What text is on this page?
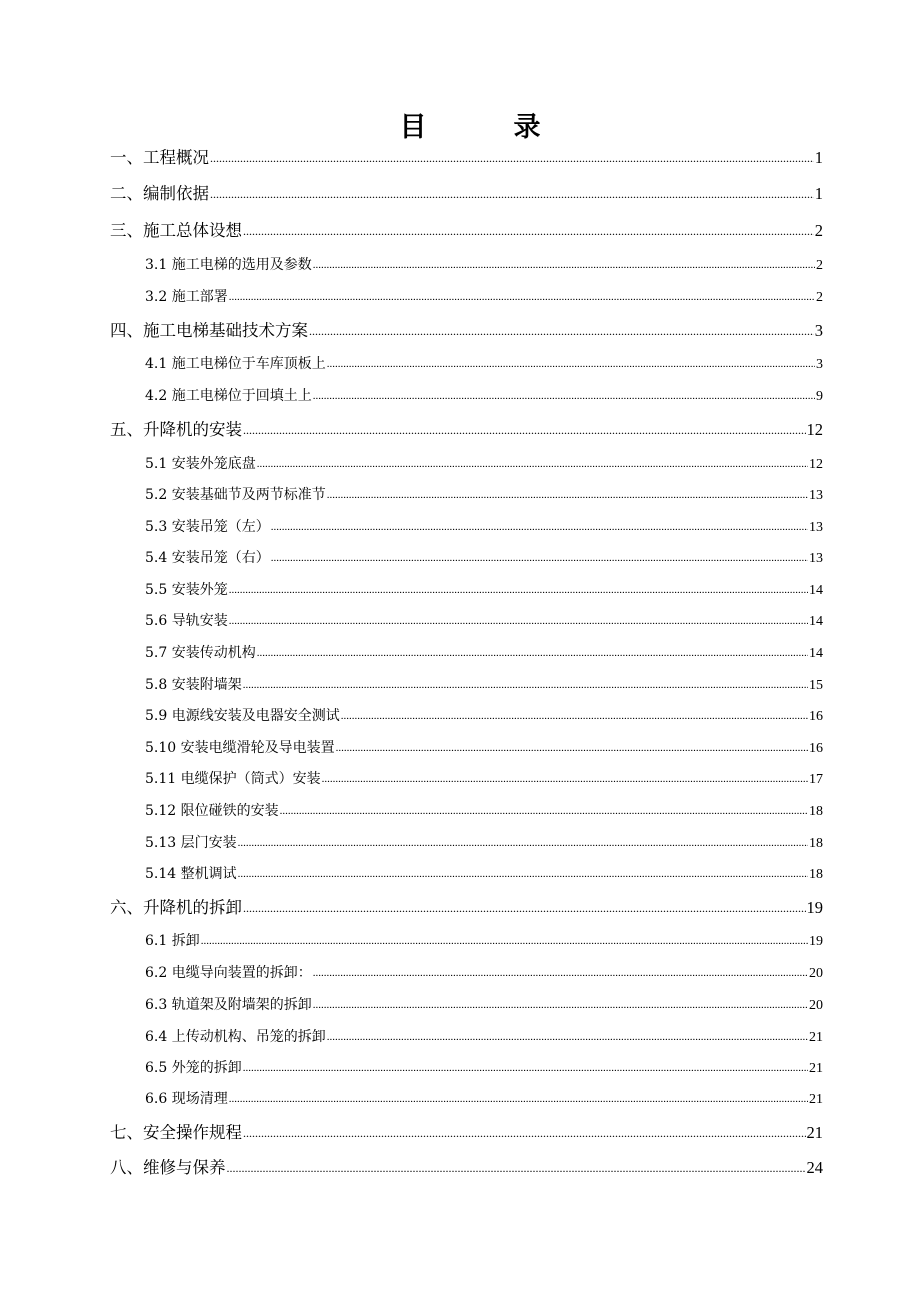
目　录
一、工程概况 .....	1
二、编制依据 .....	1
三、施工总体设想 .....	2
3.1 施工电梯的选用及参数 .....	2
3.2 施工部署 .....	2
四、施工电梯基础技术方案 .....	3
4.1 施工电梯位于车库顶板上 .....	3
4.2 施工电梯位于回填土上 .....	9
五、升降机的安装 .....	12
5.1 安装外笼底盘 .....	12
5.2 安装基础节及两节标准节 .....	13
5.3 安装吊笼（左） .....	13
5.4 安装吊笼（右） .....	13
5.5 安装外笼 .....	14
5.6 导轨安装 .....	14
5.7 安装传动机构 .....	14
5.8 安装附墙架 .....	15
5.9 电源线安装及电器安全测试 .....	16
5.10 安装电缆滑轮及导电装置 .....	16
5.11 电缆保护（筒式）安装 .....	17
5.12 限位碰铁的安装 .....	18
5.13 层门安装 .....	18
5.14 整机调试 .....	18
六、升降机的拆卸 .....	19
6.1 拆卸 .....	19
6.2 电缆导向装置的拆卸： .....	20
6.3 轨道架及附墙架的拆卸 .....	20
6.4 上传动机构、吊笼的拆卸 .....	21
6.5 外笼的拆卸 .....	21
6.6 现场清理 .....	21
七、安全操作规程 .....	21
八、维修与保养 .....	24
